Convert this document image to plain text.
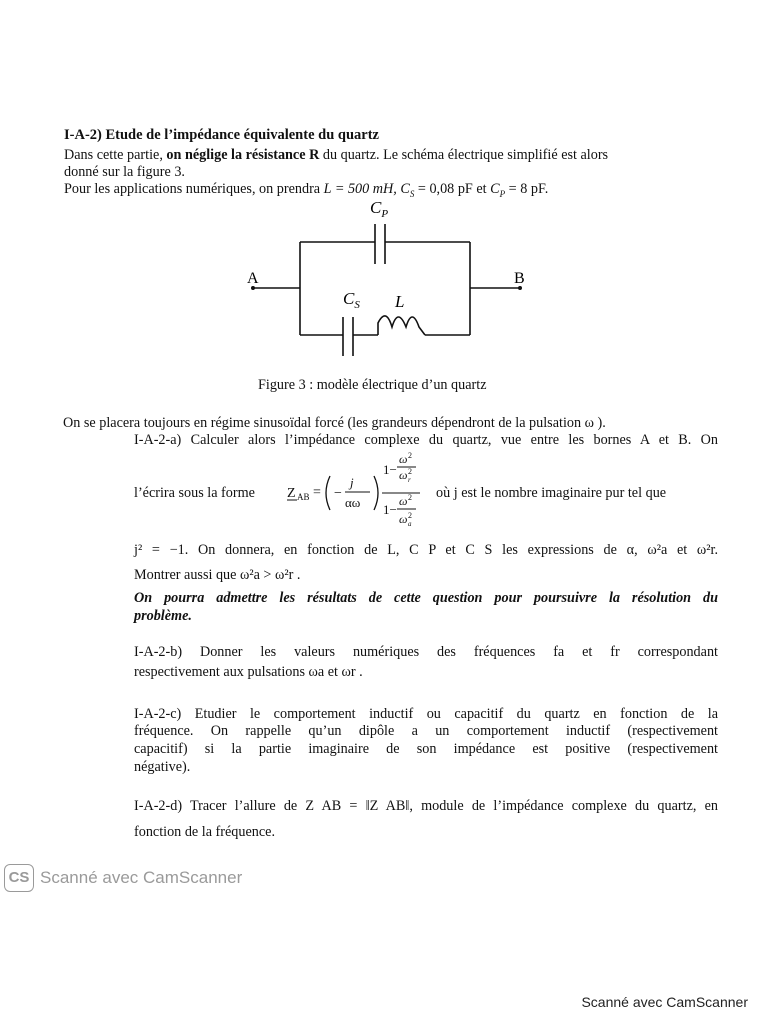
I-A-2) Etude de l’impédance équivalente du quartz
Dans cette partie, on néglige la résistance R du quartz. Le schéma électrique simplifié est alors
donné sur la figure 3.
Pour les applications numériques, on prendra L = 500 mH, $C_S = 0,08$ pF et $C_P = 8$ pF.
$C_P$
$C_S$ L
A	B
Figure 3 : modèle électrique d’un quartz
On se placera toujours en régime sinusoïdal forcé (les grandeurs dépendront de la pulsation ω ).
I-A-2-a) Calculer alors l’impédance complexe du quartz, vue entre les bornes A et B. On
l’écrira sous la forme Z AB = −
j
αω
1−
ω 2
ω 2
r
1−
ω 2
ω 2
a
où j est le nombre imaginaire pur tel que
j² = −1. On donnera, en fonction de L, C P et C S les expressions de α, ω²a et ω²r.
Montrer aussi que ω²a > ω²r .
On pourra admettre les résultats de cette question pour poursuivre la résolution du
problème.
I-A-2-b) Donner les valeurs numériques des fréquences fa et fr correspondant
respectivement aux pulsations ωa et ωr .
I-A-2-c) Etudier le comportement inductif ou capacitif du quartz en fonction de la
fréquence. On rappelle qu’un dipôle a un comportement inductif (respectivement
capacitif) si la partie imaginaire de son impédance est positive (respectivement
négative).
I-A-2-d) Tracer l’allure de Z AB = ‖Z AB‖, module de l’impédance complexe du quartz, en
fonction de la fréquence.
CS Scanné avec CamScanner
Scanné avec CamScanner
